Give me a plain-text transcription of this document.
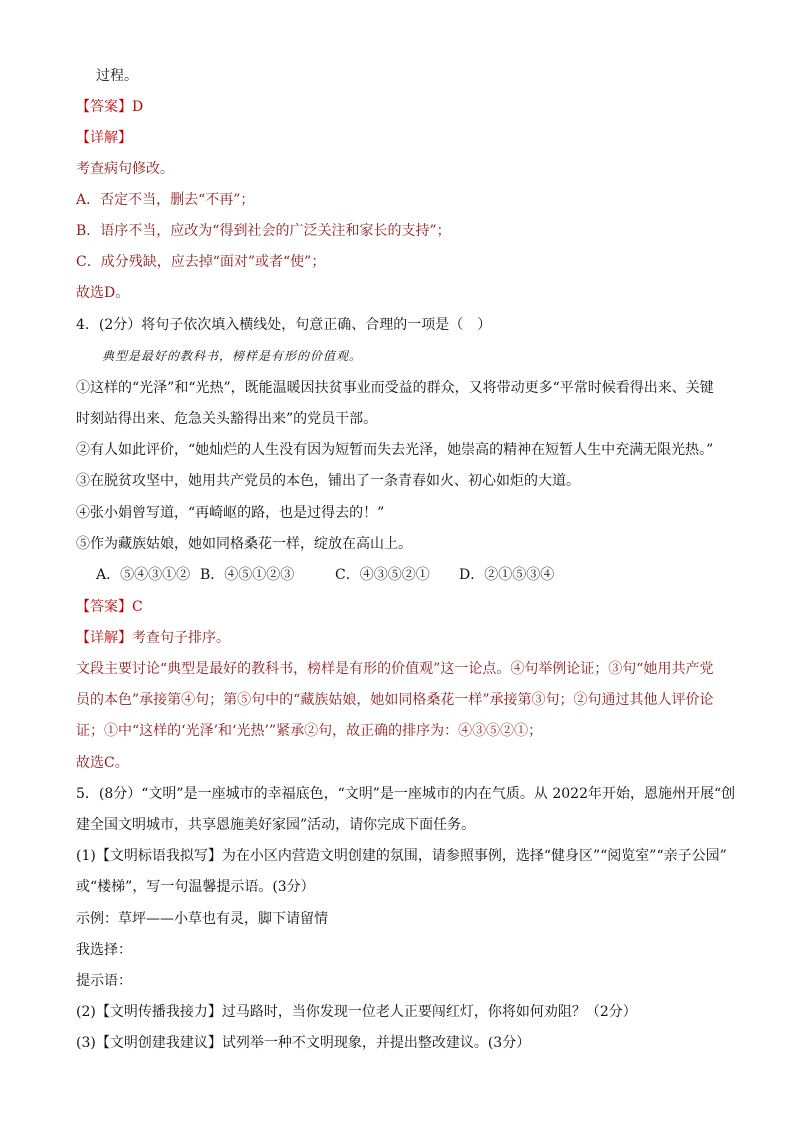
过程。
【答案】D
【详解】
考查病句修改。
A．否定不当，删去“不再”；
B．语序不当，应改为“得到社会的广泛关注和家长的支持”；
C．成分残缺，应去掉“面对”或者“使”；
故选D。
4．(2分）将句子依次填入横线处，句意正确、合理的一项是（　）
典型是最好的教科书，榜样是有形的价值观。
①这样的“光泽”和“光热”，既能温暖因扶贫事业而受益的群众，又将带动更多“平常时候看得出来、关键
时刻站得出来、危急关头豁得出来”的党员干部。
②有人如此评价，“她灿烂的人生没有因为短暂而失去光泽，她崇高的精神在短暂人生中充满无限光热。”
③在脱贫攻坚中，她用共产党员的本色，铺出了一条青春如火、初心如炬的大道。
④张小娟曾写道，“再崎岖的路，也是过得去的！”
⑤作为藏族姑娘，她如同格桑花一样，绽放在高山上。
A．⑤④③①② B．④⑤①②③	C．④③⑤②① D．②①⑤③④
【答案】C
【详解】考查句子排序。
文段主要讨论“典型是最好的教科书，榜样是有形的价值观”这一论点。④句举例论证；③句“她用共产党
员的本色”承接第④句；第⑤句中的“藏族姑娘，她如同格桑花一样”承接第③句；②句通过其他人评价论
证；①中“这样的‘光泽’和‘光热’”紧承②句，故正确的排序为：④③⑤②①；
故选C。
5．(8分）“文明”是一座城市的幸福底色，“文明”是一座城市的内在气质。从 2022年开始，恩施州开展“创
建全国文明城市，共享恩施美好家园”活动，请你完成下面任务。
(1)【文明标语我拟写】为在小区内营造文明创建的氛围，请参照事例，选择“健身区”“阅览室”“亲子公园”
或“楼梯”，写一句温馨提示语。(3分）
示例：草坪——小草也有灵，脚下请留情
我选择：
提示语：
(2)【文明传播我接力】过马路时，当你发现一位老人正要闯红灯，你将如何劝阻？（2分）
(3)【文明创建我建议】试列举一种不文明现象，并提出整改建议。(3分）
